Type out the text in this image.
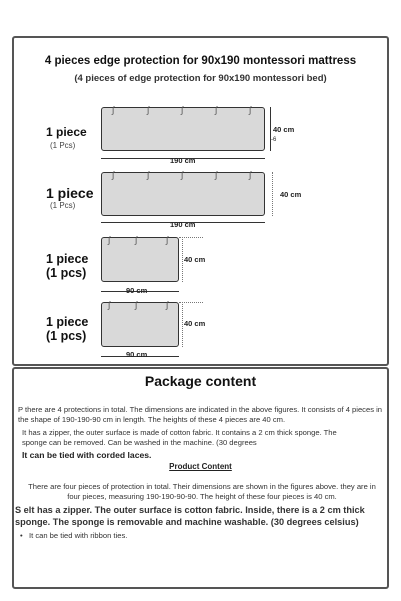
4 pieces edge protection for 90x190 montessori mattress
(4 pieces of edge protection for 90x190 montessori bed)
1 piece
(1 Pcs)
∫	∫	∫	∫	∫
190 cm
40 cm
-6
1 piece
(1 Pcs)
∫	∫	∫	∫	∫
190 cm
40 cm
1 piece
(1 pcs)
∫	∫	∫
40 cm
90 cm
1 piece
(1 pcs)
∫	∫	∫
40 cm
90 cm
Package content
P there are 4 protections in total. The dimensions are indicated in the above figures. It consists of 4 pieces in the shape of 190-190-90 cm in length. The heights of these 4 pieces are 40 cm.
It has a zipper, the outer surface is made of cotton fabric. It contains a 2 cm thick sponge. The sponge can be removed. Can be washed in the machine. (30 degrees
It can be tied with corded laces.
Product Content
There are four pieces of protection in total. Their dimensions are shown in the figures above. they are in four pieces, measuring 190-190-90-90. The height of these four pieces is 40 cm.
S elt has a zipper. The outer surface is cotton fabric. Inside, there is a 2 cm thick sponge. The sponge is removable and machine washable. (30 degrees celsius)
• It can be tied with ribbon ties.
